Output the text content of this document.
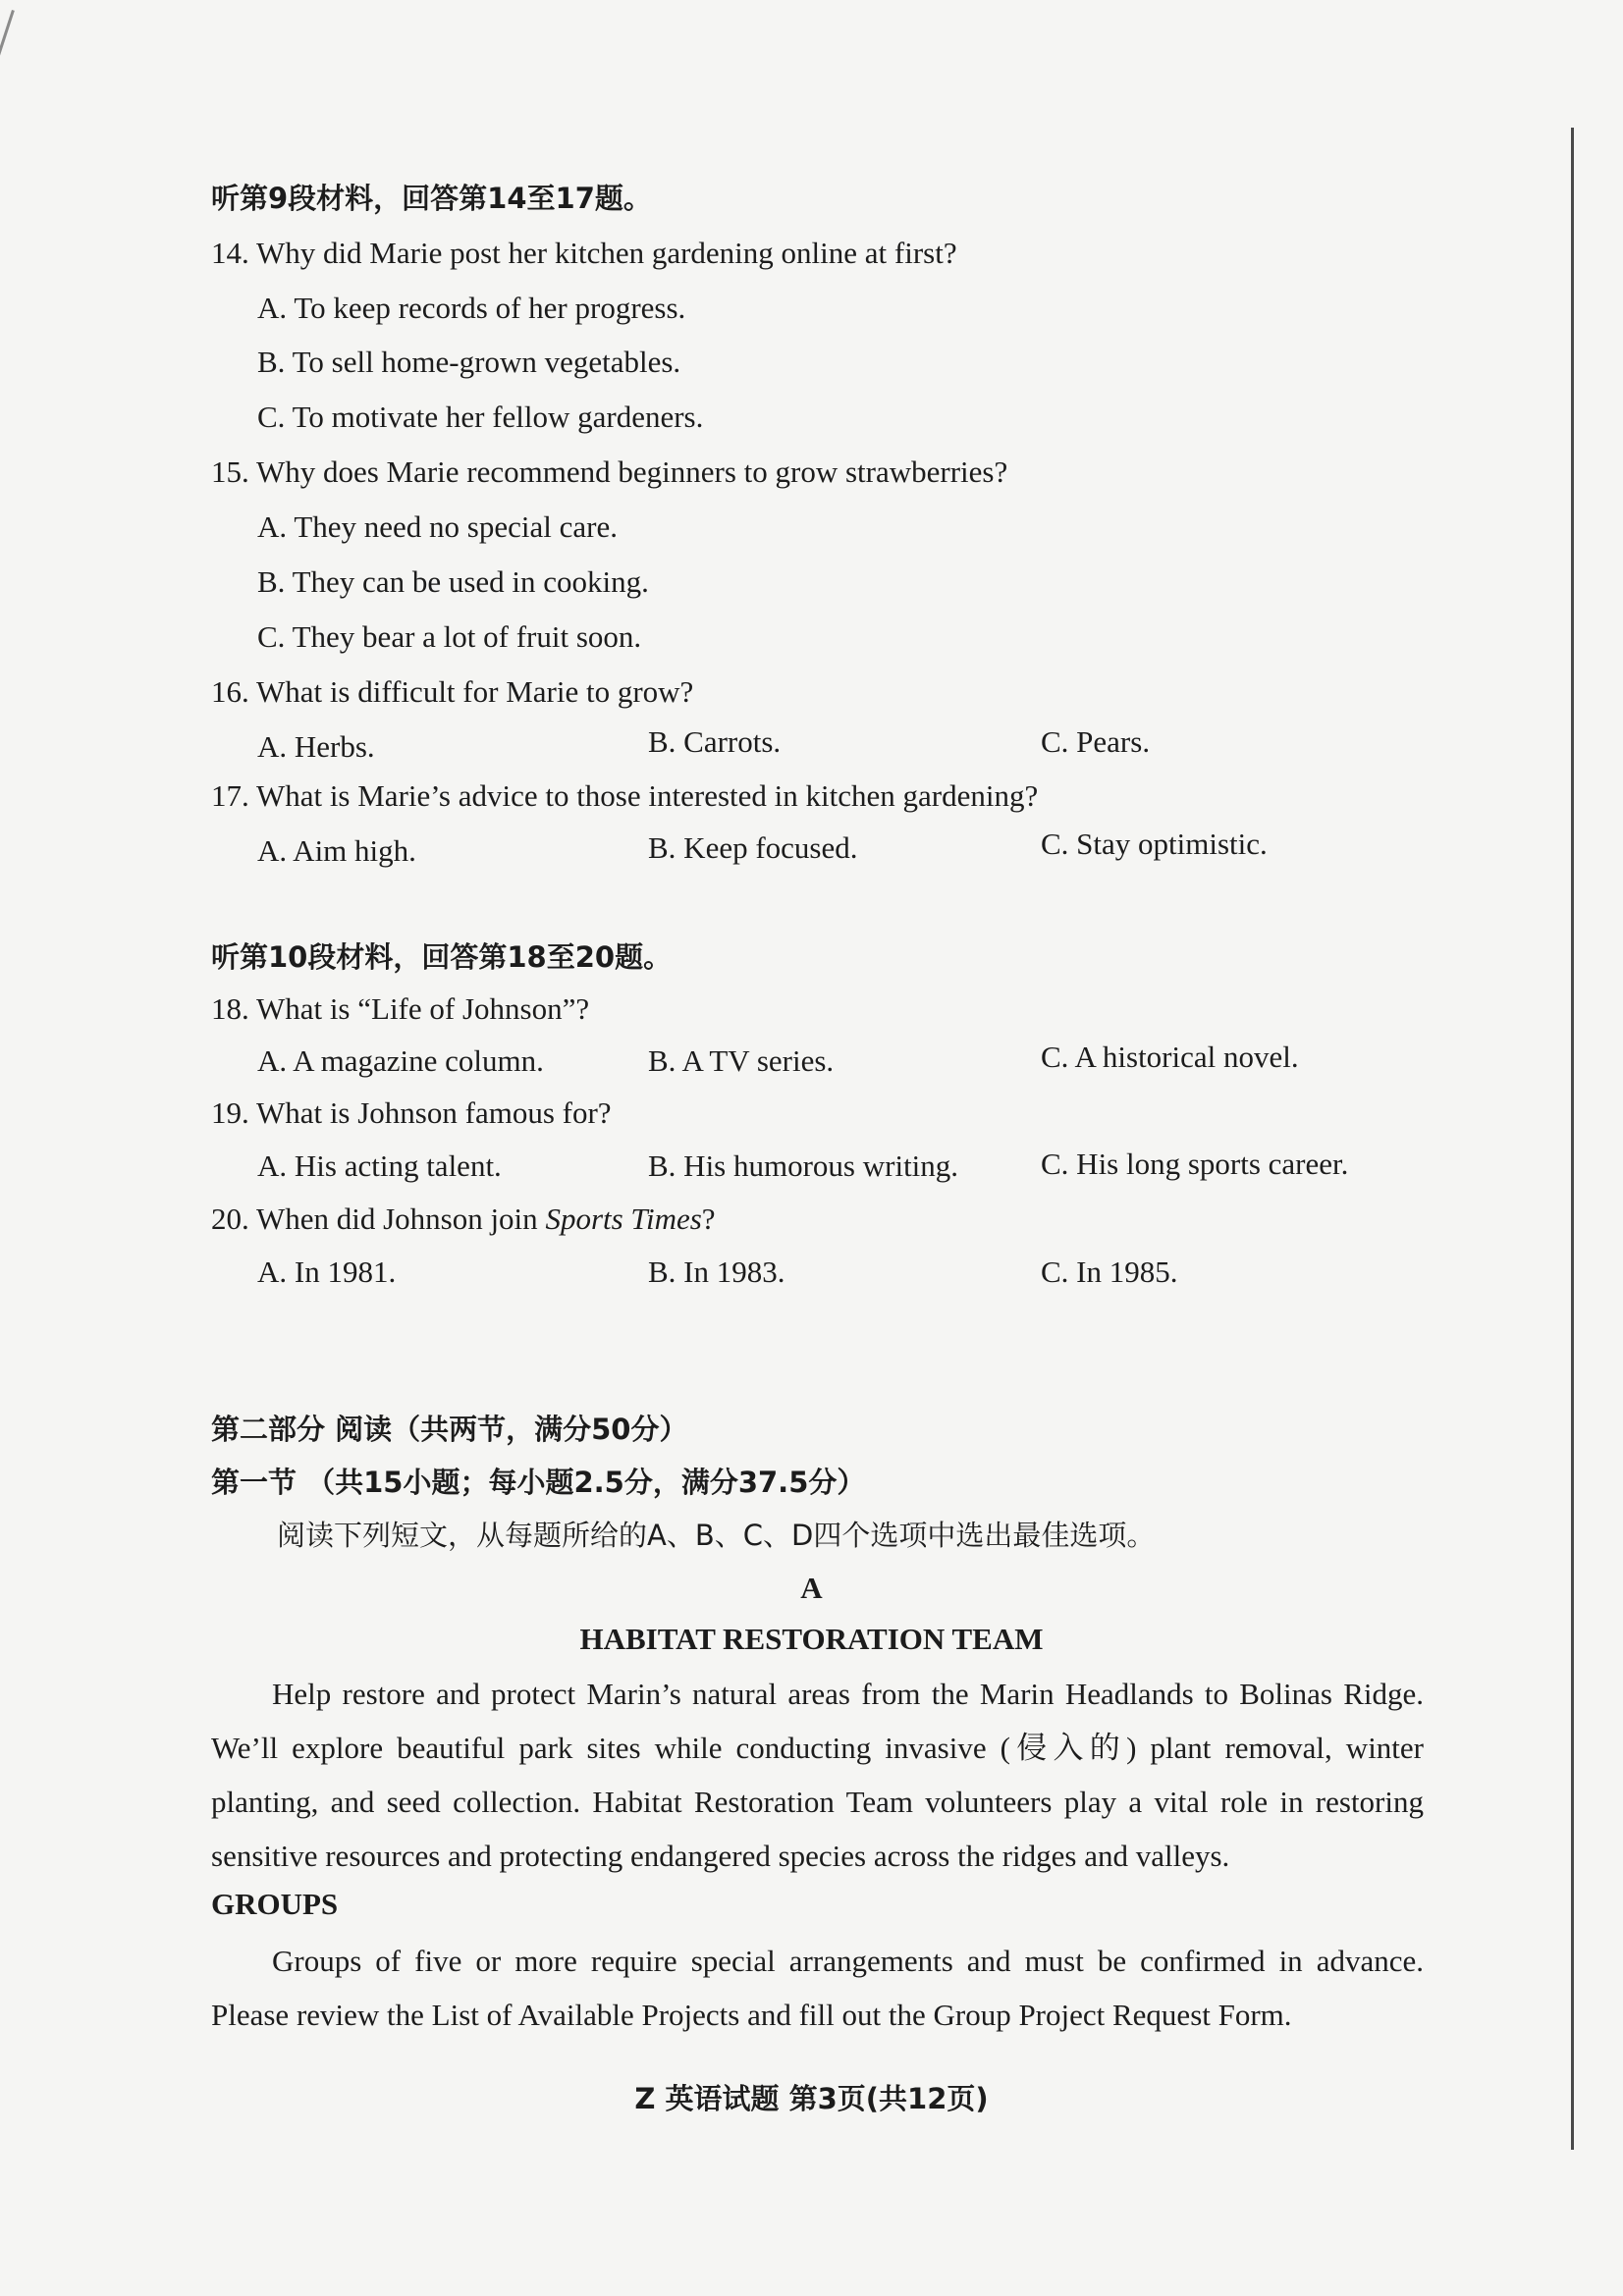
听第9段材料，回答第14至17题。
14. Why did Marie post her kitchen gardening online at first?
A. To keep records of her progress.
B. To sell home-grown vegetables.
C. To motivate her fellow gardeners.
15. Why does Marie recommend beginners to grow strawberries?
A. They need no special care.
B. They can be used in cooking.
C. They bear a lot of fruit soon.
16. What is difficult for Marie to grow?
A. Herbs.	B. Carrots.	C. Pears.
17. What is Marie’s advice to those interested in kitchen gardening?
A. Aim high.	B. Keep focused.	C. Stay optimistic.
听第10段材料，回答第18至20题。
18. What is “Life of Johnson”?
A. A magazine column.	B. A TV series.	C. A historical novel.
19. What is Johnson famous for?
A. His acting talent.	B. His humorous writing.	C. His long sports career.
20. When did Johnson join Sports Times?
A. In 1981.	B. In 1983.	C. In 1985.
第二部分 阅读（共两节，满分50分）
第一节 （共15小题；每小题2.5分，满分37.5分）
阅读下列短文，从每题所给的A、B、C、D四个选项中选出最佳选项。
A
HABITAT RESTORATION TEAM
Help restore and protect Marin’s natural areas from the Marin Headlands to Bolinas Ridge. We’ll explore beautiful park sites while conducting invasive (侵入的) plant removal, winter planting, and seed collection. Habitat Restoration Team volunteers play a vital role in restoring sensitive resources and protecting endangered species across the ridges and valleys.
GROUPS
Groups of five or more require special arrangements and must be confirmed in advance. Please review the List of Available Projects and fill out the Group Project Request Form.
Z 英语试题 第3页(共12页)
